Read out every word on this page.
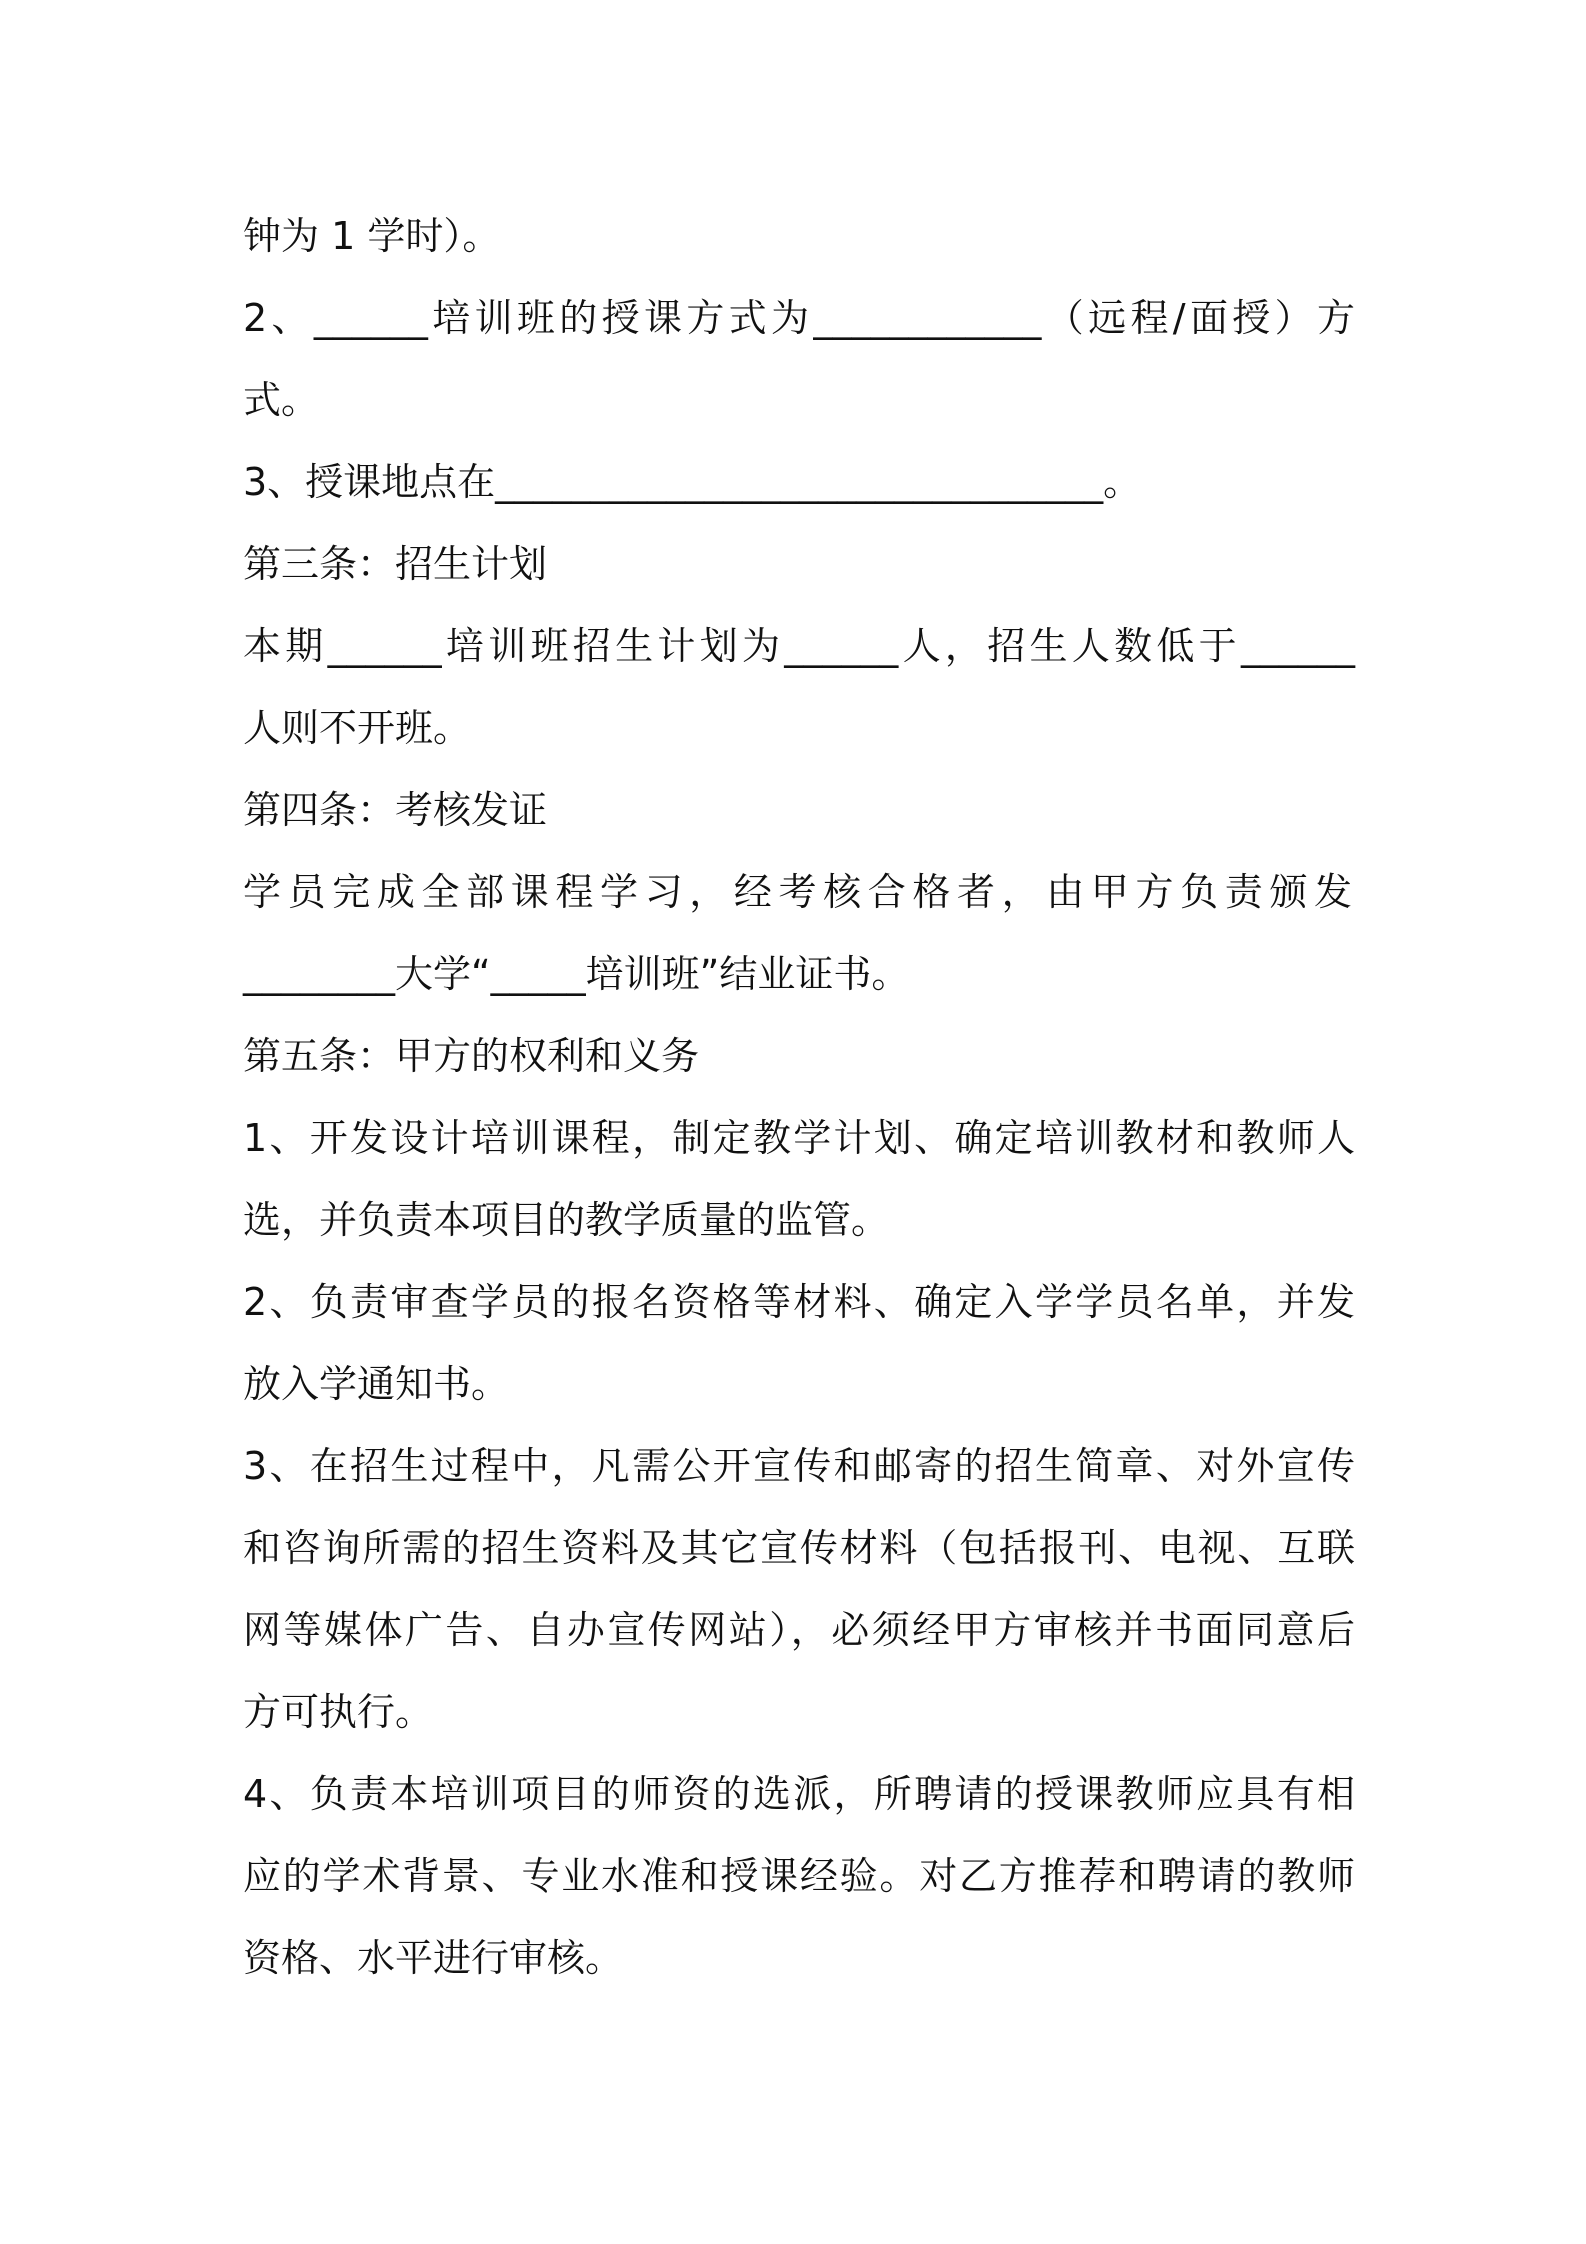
钟为 1 学时）。

2、______培训班的授课方式为____________（远程/面授）方

式。

3、授课地点在________________________________。

第三条：招生计划

本期______培训班招生计划为______人，招生人数低于______

人则不开班。

第四条：考核发证

学员完成全部课程学习，经考核合格者，由甲方负责颁发

________大学“_____培训班”结业证书。

第五条：甲方的权利和义务

1、开发设计培训课程，制定教学计划、确定培训教材和教师人

选，并负责本项目的教学质量的监管。

2、负责审查学员的报名资格等材料、确定入学学员名单，并发

放入学通知书。

3、在招生过程中，凡需公开宣传和邮寄的招生简章、对外宣传

和咨询所需的招生资料及其它宣传材料（包括报刊、电视、互联

网等媒体广告、自办宣传网站），必须经甲方审核并书面同意后

方可执行。

4、负责本培训项目的师资的选派，所聘请的授课教师应具有相

应的学术背景、专业水准和授课经验。对乙方推荐和聘请的教师

资格、水平进行审核。
